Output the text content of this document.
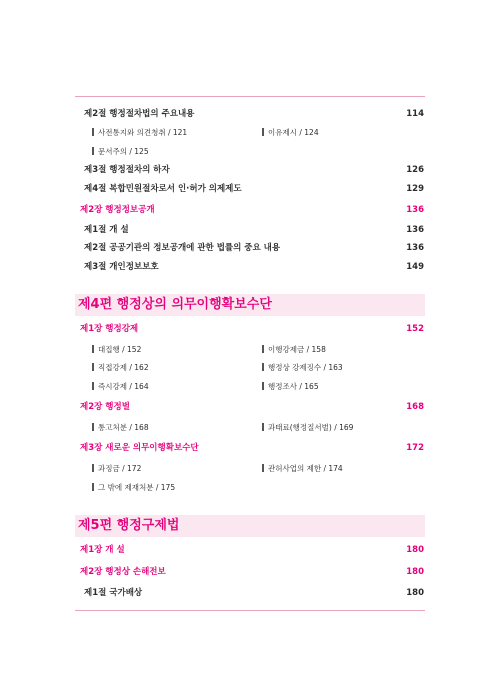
제2절 행정절차법의 주요내용	114
사전통지와 의견청취 / 121	이유제시 / 124
문서주의 / 125
제3절 행정절차의 하자	126
제4절 복합민원절차로서 인·허가 의제제도	129
제2장 행정정보공개	136
제1절 개 설	136
제2절 공공기관의 정보공개에 관한 법률의 중요 내용	136
제3절 개인정보보호	149
제4편 행정상의 의무이행확보수단
제1장 행정강제	152
대집행 / 152	이행강제금 / 158
직접강제 / 162	행정상 강제징수 / 163
즉시강제 / 164	행정조사 / 165
제2장 행정벌	168
통고처분 / 168	과태료(행정질서벌) / 169
제3장 새로운 의무이행확보수단	172
과징금 / 172	관허사업의 제한 / 174
그 밖에 제재처분 / 175
제5편 행정구제법
제1장 개 설	180
제2장 행정상 손해전보	180
제1절 국가배상	180
